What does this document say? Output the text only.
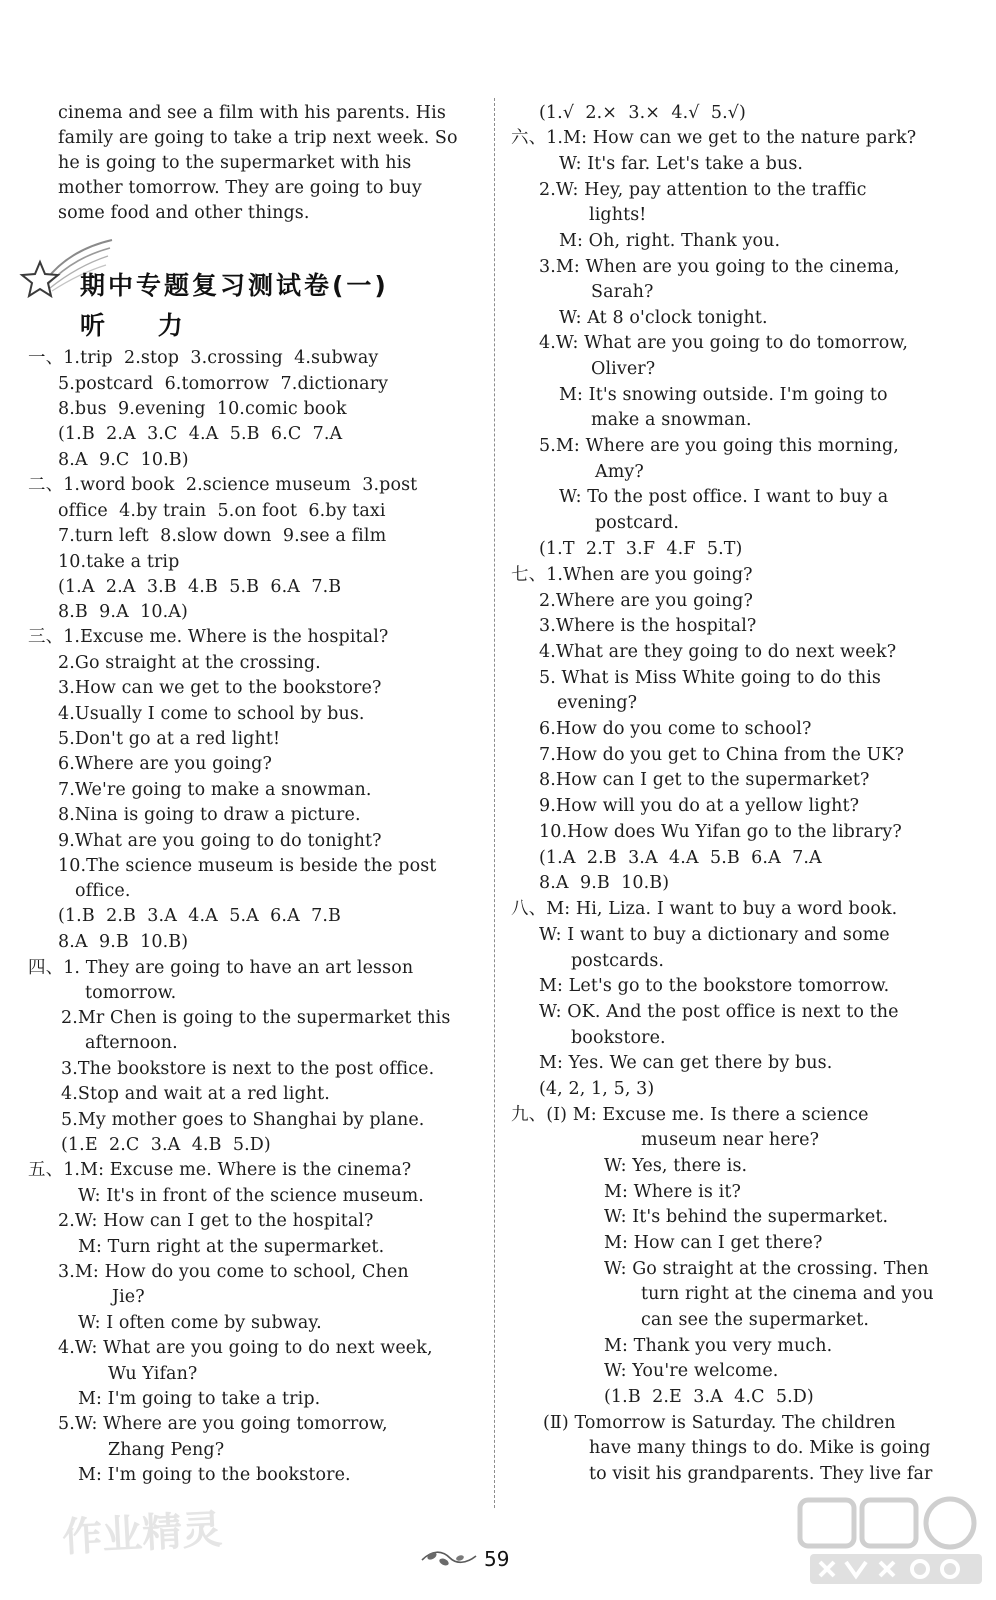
cinema and see a film with his parents. His
family are going to take a trip next week. So
he is going to the supermarket with his
mother tomorrow. They are going to buy
some food and other things.
一、1.trip  2.stop  3.crossing  4.subway
5.postcard  6.tomorrow  7.dictionary
8.bus  9.evening  10.comic book
(1.B  2.A  3.C  4.A  5.B  6.C  7.A
8.A  9.C  10.B)
二、1.word book  2.science museum  3.post
office  4.by train  5.on foot  6.by taxi
7.turn left  8.slow down  9.see a film
10.take a trip
(1.A  2.A  3.B  4.B  5.B  6.A  7.B
8.B  9.A  10.A)
三、1.Excuse me. Where is the hospital?
2.Go straight at the crossing.
3.How can we get to the bookstore?
4.Usually I come to school by bus.
5.Don't go at a red light!
6.Where are you going?
7.We're going to make a snowman.
8.Nina is going to draw a picture.
9.What are you going to do tonight?
10.The science museum is beside the post
office.
(1.B  2.B  3.A  4.A  5.A  6.A  7.B
8.A  9.B  10.B)
四、1. They are going to have an art lesson
tomorrow.
2.Mr Chen is going to the supermarket this
afternoon.
3.The bookstore is next to the post office.
4.Stop and wait at a red light.
5.My mother goes to Shanghai by plane.
(1.E  2.C  3.A  4.B  5.D)
五、1.M: Excuse me. Where is the cinema?
W: It's in front of the science museum.
2.W: How can I get to the hospital?
M: Turn right at the supermarket.
3.M: How do you come to school, Chen
Jie?
W: I often come by subway.
4.W: What are you going to do next week,
Wu Yifan?
M: I'm going to take a trip.
5.W: Where are you going tomorrow,
Zhang Peng?
M: I'm going to the bookstore.
期中专题复习测试卷(一)
听 力
(1.√  2.×  3.×  4.√  5.√)
六、1.M: How can we get to the nature park?
W: It's far. Let's take a bus.
2.W: Hey, pay attention to the traffic
lights!
M: Oh, right. Thank you.
3.M: When are you going to the cinema,
Sarah?
W: At 8 o'clock tonight.
4.W: What are you going to do tomorrow,
Oliver?
M: It's snowing outside. I'm going to
make a snowman.
5.M: Where are you going this morning,
Amy?
W: To the post office. I want to buy a
postcard.
(1.T  2.T  3.F  4.F  5.T)
七、1.When are you going?
2.Where are you going?
3.Where is the hospital?
4.What are they going to do next week?
5. What is Miss White going to do this
evening?
6.How do you come to school?
7.How do you get to China from the UK?
8.How can I get to the supermarket?
9.How will you do at a yellow light?
10.How does Wu Yifan go to the library?
(1.A  2.B  3.A  4.A  5.B  6.A  7.A
8.A  9.B  10.B)
八、M: Hi, Liza. I want to buy a word book.
W: I want to buy a dictionary and some
postcards.
M: Let's go to the bookstore tomorrow.
W: OK. And the post office is next to the
bookstore.
M: Yes. We can get there by bus.
(4, 2, 1, 5, 3)
九、(Ⅰ) M: Excuse me. Is there a science
museum near here?
W: Yes, there is.
M: Where is it?
W: It's behind the supermarket.
M: How can I get there?
W: Go straight at the crossing. Then
turn right at the cinema and you
can see the supermarket.
M: Thank you very much.
W: You're welcome.
(1.B  2.E  3.A  4.C  5.D)
(Ⅱ) Tomorrow is Saturday. The children
have many things to do. Mike is going
to visit his grandparents. They live far
作业精灵	59
